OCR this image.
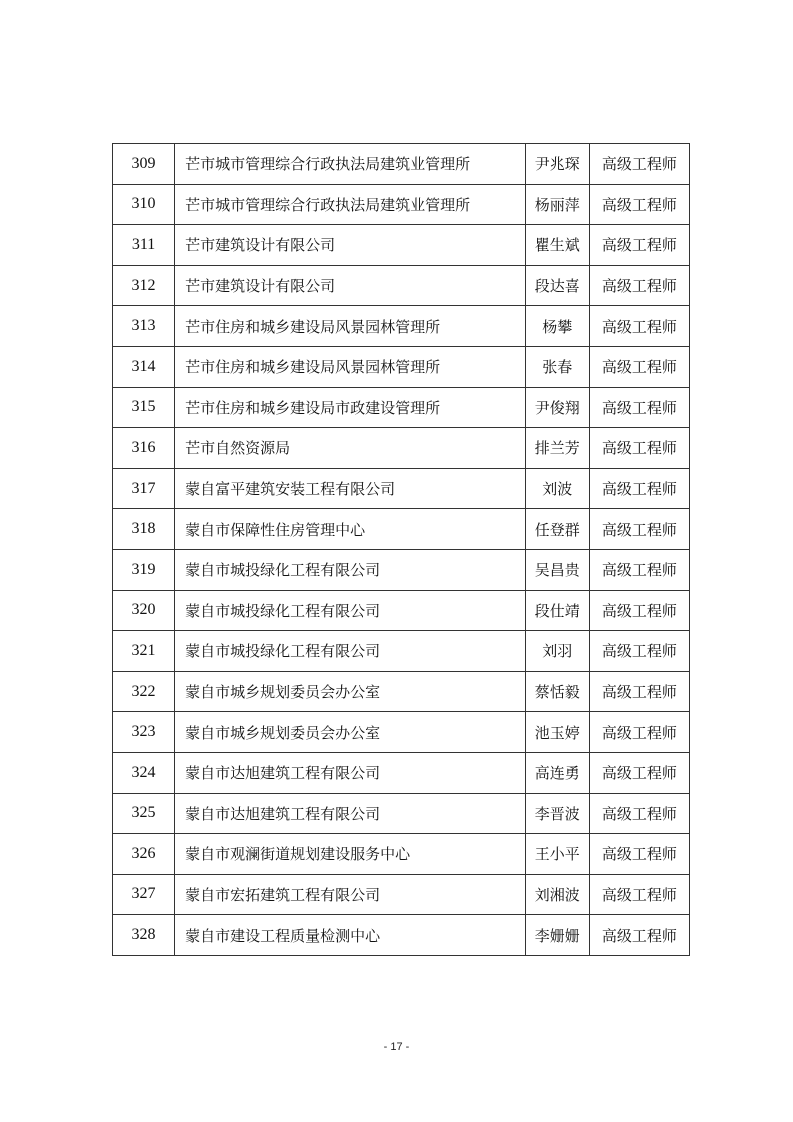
309	芒市城市管理综合行政执法局建筑业管理所	尹兆琛	高级工程师
310	芒市城市管理综合行政执法局建筑业管理所	杨丽萍	高级工程师
311	芒市建筑设计有限公司	瞿生斌	高级工程师
312	芒市建筑设计有限公司	段达喜	高级工程师
313	芒市住房和城乡建设局风景园林管理所	杨攀	高级工程师
314	芒市住房和城乡建设局风景园林管理所	张春	高级工程师
315	芒市住房和城乡建设局市政建设管理所	尹俊翔	高级工程师
316	芒市自然资源局	排兰芳	高级工程师
317	蒙自富平建筑安装工程有限公司	刘波	高级工程师
318	蒙自市保障性住房管理中心	任登群	高级工程师
319	蒙自市城投绿化工程有限公司	吴昌贵	高级工程师
320	蒙自市城投绿化工程有限公司	段仕靖	高级工程师
321	蒙自市城投绿化工程有限公司	刘羽	高级工程师
322	蒙自市城乡规划委员会办公室	蔡恬毅	高级工程师
323	蒙自市城乡规划委员会办公室	池玉婷	高级工程师
324	蒙自市达旭建筑工程有限公司	高连勇	高级工程师
325	蒙自市达旭建筑工程有限公司	李晋波	高级工程师
326	蒙自市观澜街道规划建设服务中心	王小平	高级工程师
327	蒙自市宏拓建筑工程有限公司	刘湘波	高级工程师
328	蒙自市建设工程质量检测中心	李姗姗	高级工程师
- 17 -
